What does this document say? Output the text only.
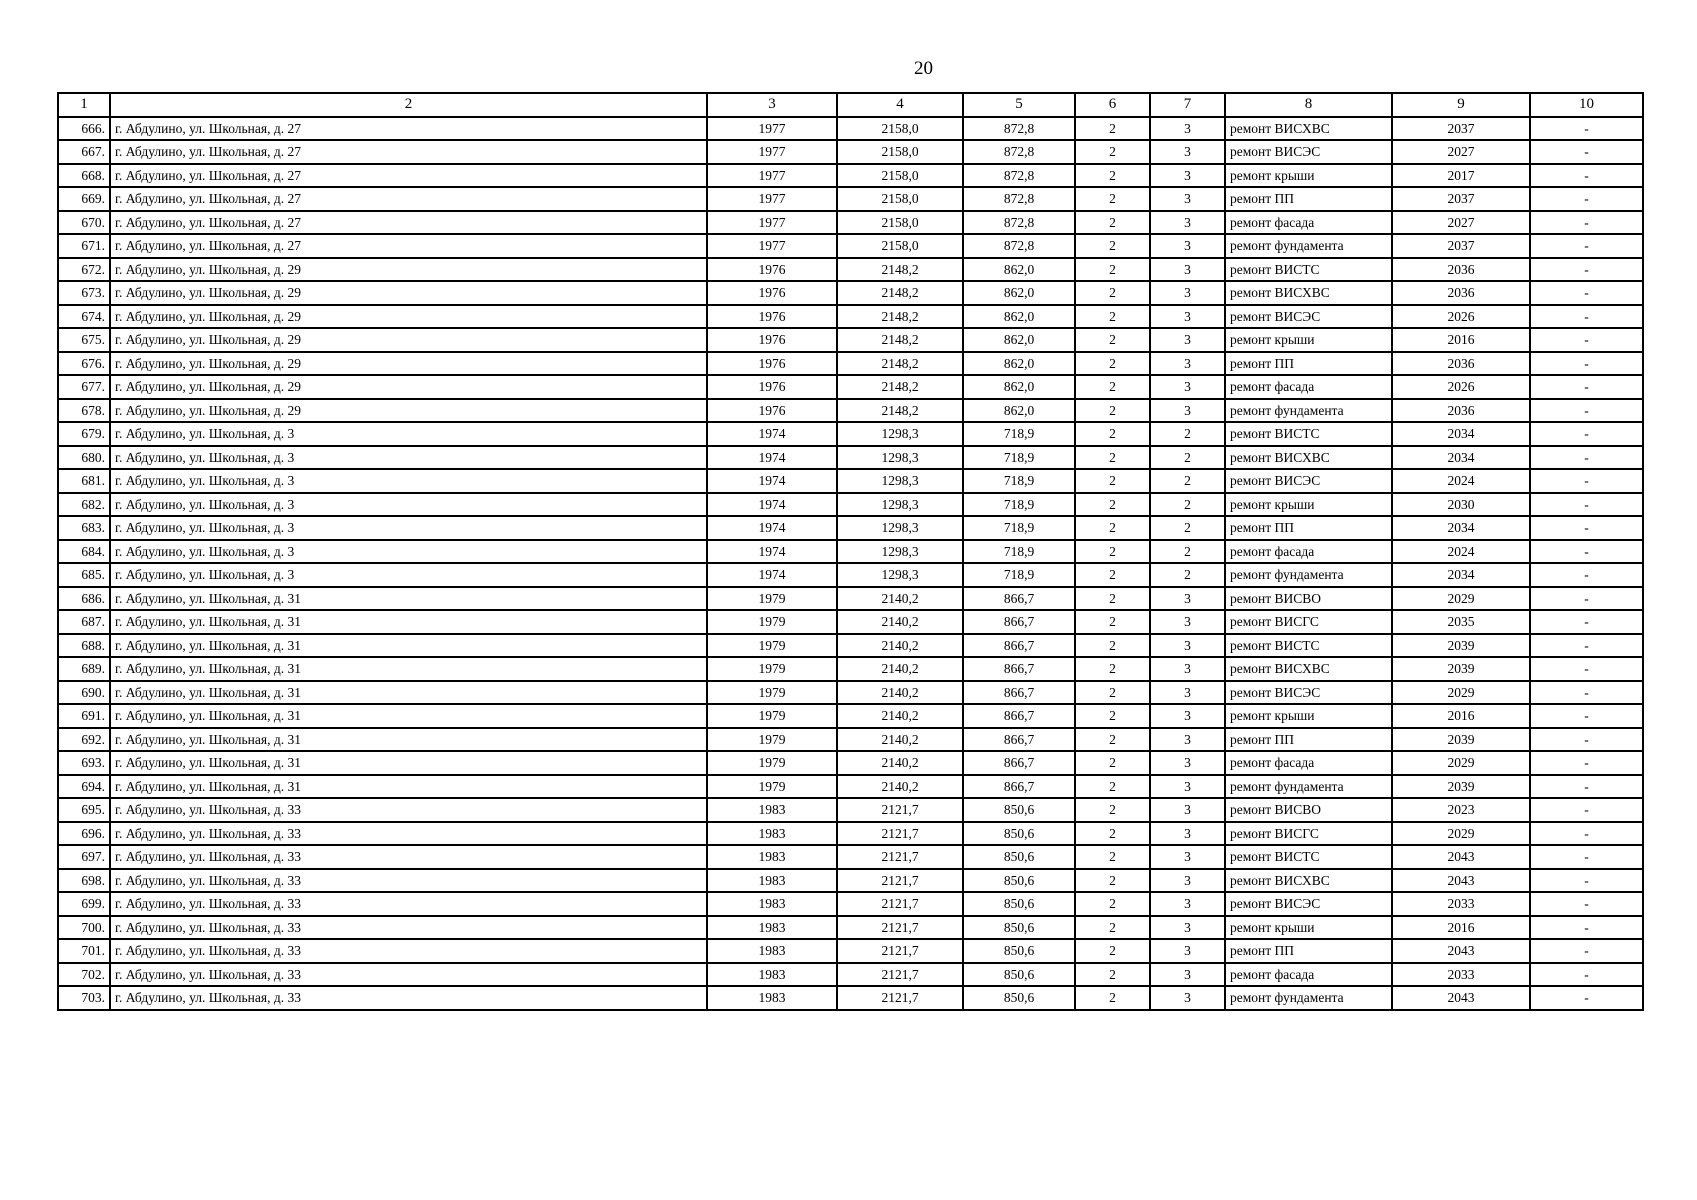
20
1	2	3	4	5	6	7	8	9	10
666.	г. Абдулино, ул. Школьная, д. 27	1977	2158,0	872,8	2	3	ремонт ВИСХВС	2037	-
667.	г. Абдулино, ул. Школьная, д. 27	1977	2158,0	872,8	2	3	ремонт ВИСЭС	2027	-
668.	г. Абдулино, ул. Школьная, д. 27	1977	2158,0	872,8	2	3	ремонт крыши	2017	-
669.	г. Абдулино, ул. Школьная, д. 27	1977	2158,0	872,8	2	3	ремонт ПП	2037	-
670.	г. Абдулино, ул. Школьная, д. 27	1977	2158,0	872,8	2	3	ремонт фасада	2027	-
671.	г. Абдулино, ул. Школьная, д. 27	1977	2158,0	872,8	2	3	ремонт фундамента	2037	-
672.	г. Абдулино, ул. Школьная, д. 29	1976	2148,2	862,0	2	3	ремонт ВИСТС	2036	-
673.	г. Абдулино, ул. Школьная, д. 29	1976	2148,2	862,0	2	3	ремонт ВИСХВС	2036	-
674.	г. Абдулино, ул. Школьная, д. 29	1976	2148,2	862,0	2	3	ремонт ВИСЭС	2026	-
675.	г. Абдулино, ул. Школьная, д. 29	1976	2148,2	862,0	2	3	ремонт крыши	2016	-
676.	г. Абдулино, ул. Школьная, д. 29	1976	2148,2	862,0	2	3	ремонт ПП	2036	-
677.	г. Абдулино, ул. Школьная, д. 29	1976	2148,2	862,0	2	3	ремонт фасада	2026	-
678.	г. Абдулино, ул. Школьная, д. 29	1976	2148,2	862,0	2	3	ремонт фундамента	2036	-
679.	г. Абдулино, ул. Школьная, д. 3	1974	1298,3	718,9	2	2	ремонт ВИСТС	2034	-
680.	г. Абдулино, ул. Школьная, д. 3	1974	1298,3	718,9	2	2	ремонт ВИСХВС	2034	-
681.	г. Абдулино, ул. Школьная, д. 3	1974	1298,3	718,9	2	2	ремонт ВИСЭС	2024	-
682.	г. Абдулино, ул. Школьная, д. 3	1974	1298,3	718,9	2	2	ремонт крыши	2030	-
683.	г. Абдулино, ул. Школьная, д. 3	1974	1298,3	718,9	2	2	ремонт ПП	2034	-
684.	г. Абдулино, ул. Школьная, д. 3	1974	1298,3	718,9	2	2	ремонт фасада	2024	-
685.	г. Абдулино, ул. Школьная, д. 3	1974	1298,3	718,9	2	2	ремонт фундамента	2034	-
686.	г. Абдулино, ул. Школьная, д. 31	1979	2140,2	866,7	2	3	ремонт ВИСВО	2029	-
687.	г. Абдулино, ул. Школьная, д. 31	1979	2140,2	866,7	2	3	ремонт ВИСГС	2035	-
688.	г. Абдулино, ул. Школьная, д. 31	1979	2140,2	866,7	2	3	ремонт ВИСТС	2039	-
689.	г. Абдулино, ул. Школьная, д. 31	1979	2140,2	866,7	2	3	ремонт ВИСХВС	2039	-
690.	г. Абдулино, ул. Школьная, д. 31	1979	2140,2	866,7	2	3	ремонт ВИСЭС	2029	-
691.	г. Абдулино, ул. Школьная, д. 31	1979	2140,2	866,7	2	3	ремонт крыши	2016	-
692.	г. Абдулино, ул. Школьная, д. 31	1979	2140,2	866,7	2	3	ремонт ПП	2039	-
693.	г. Абдулино, ул. Школьная, д. 31	1979	2140,2	866,7	2	3	ремонт фасада	2029	-
694.	г. Абдулино, ул. Школьная, д. 31	1979	2140,2	866,7	2	3	ремонт фундамента	2039	-
695.	г. Абдулино, ул. Школьная, д. 33	1983	2121,7	850,6	2	3	ремонт ВИСВО	2023	-
696.	г. Абдулино, ул. Школьная, д. 33	1983	2121,7	850,6	2	3	ремонт ВИСГС	2029	-
697.	г. Абдулино, ул. Школьная, д. 33	1983	2121,7	850,6	2	3	ремонт ВИСТС	2043	-
698.	г. Абдулино, ул. Школьная, д. 33	1983	2121,7	850,6	2	3	ремонт ВИСХВС	2043	-
699.	г. Абдулино, ул. Школьная, д. 33	1983	2121,7	850,6	2	3	ремонт ВИСЭС	2033	-
700.	г. Абдулино, ул. Школьная, д. 33	1983	2121,7	850,6	2	3	ремонт крыши	2016	-
701.	г. Абдулино, ул. Школьная, д. 33	1983	2121,7	850,6	2	3	ремонт ПП	2043	-
702.	г. Абдулино, ул. Школьная, д. 33	1983	2121,7	850,6	2	3	ремонт фасада	2033	-
703.	г. Абдулино, ул. Школьная, д. 33	1983	2121,7	850,6	2	3	ремонт фундамента	2043	-
